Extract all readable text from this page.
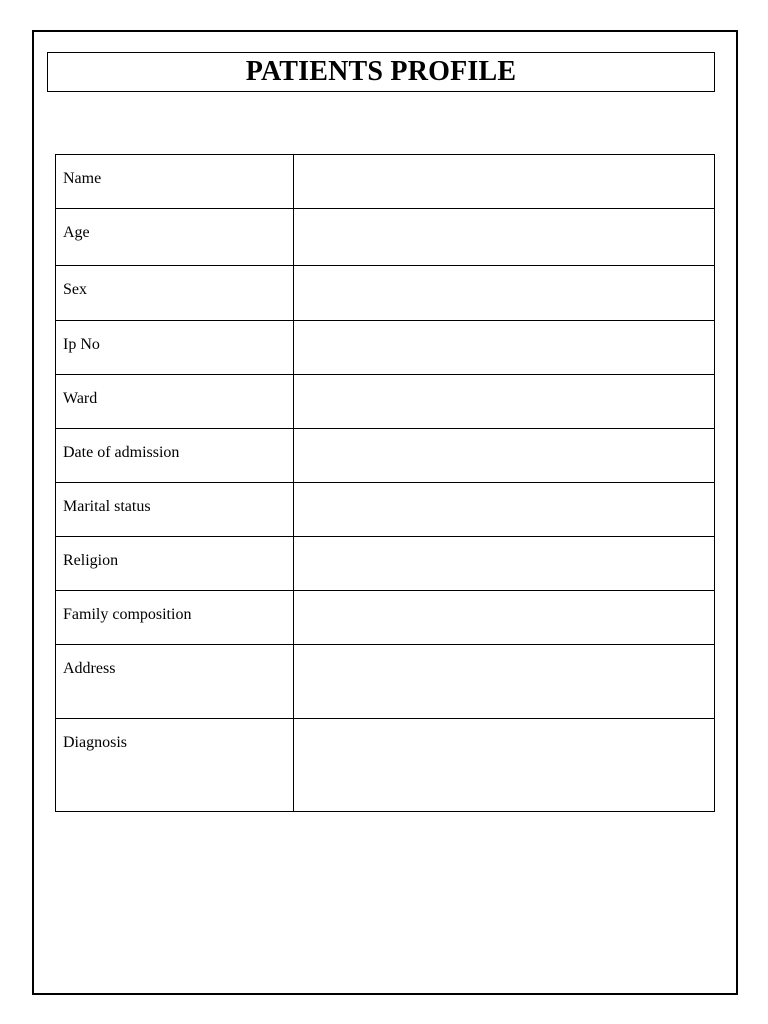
PATIENTS PROFILE
Name	
Age	
Sex	
Ip No	
Ward	
Date of admission	
Marital status	
Religion	
Family composition	
Address	
Diagnosis	
